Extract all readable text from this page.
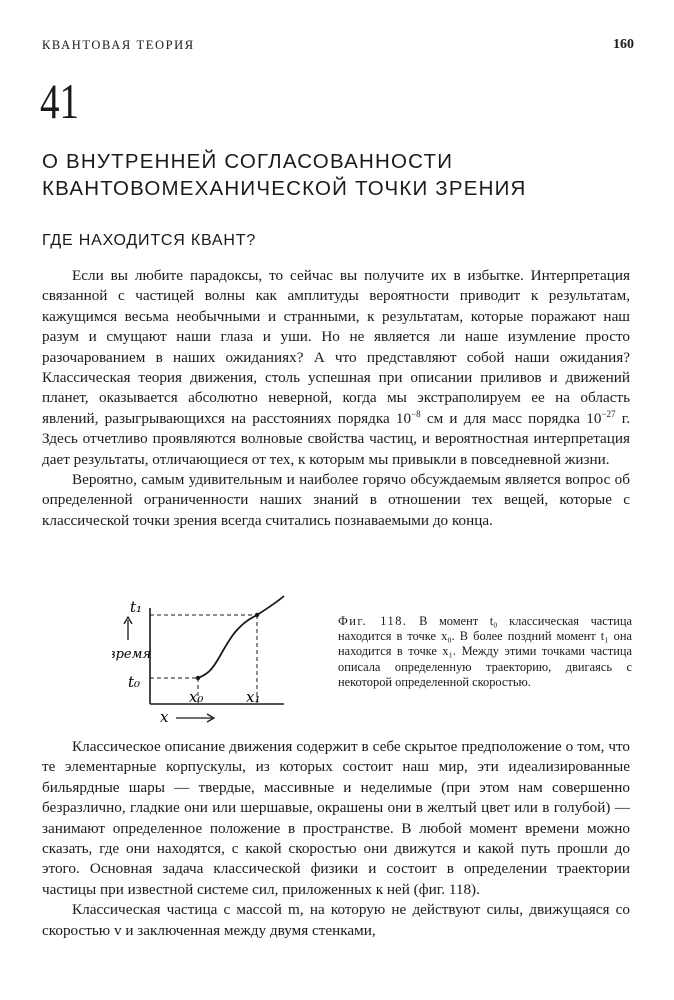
КВАНТОВАЯ ТЕОРИЯ	160
41
О ВНУТРЕННЕЙ СОГЛАСОВАННОСТИ
КВАНТОВОМЕХАНИЧЕСКОЙ ТОЧКИ ЗРЕНИЯ
ГДЕ НАХОДИТСЯ КВАНТ?

Если вы любите парадоксы, то сейчас вы получите их в избытке. Интерпретация связанной с частицей волны как амплитуды вероятности приводит к результатам, кажущимся весьма необычными и странными, к результатам, которые поражают наш разум и смущают наши глаза и уши. Но не является ли наше изумление просто разочарованием в наших ожиданиях? А что представляют собой наши ожидания? Классическая теория движения, столь успешная при описании приливов и движений планет, оказывается абсолютно неверной, когда мы экстраполируем ее на область явлений, разыгрывающихся на расстояниях порядка $10^{-8}$ см и для масс порядка $10^{-27}$ г. Здесь отчетливо проявляются волновые свойства частиц, и вероятностная интерпретация дает результаты, отличающиеся от тех, к которым мы привыкли в повседневной жизни.

Вероятно, самым удивительным и наиболее горячо обсуждаемым является вопрос об определенной ограниченности наших знаний в отношении тех вещей, которые с классической точки зрения всегда считались познаваемыми до конца.

t₁
t₀
x₀	x₁
время
x
Фиг. 118. В момент t₀ классическая частица находится в точке x₀. В более поздний момент t₁ она находится в точке x₁. Между этими точками частица описала определенную траекторию, двигаясь с некоторой определенной скоростью.

Классическое описание движения содержит в себе скрытое предположение о том, что те элементарные корпускулы, из которых состоит наш мир, эти идеализированные бильярдные шары — твердые, массивные и неделимые (при этом нам совершенно безразлично, гладкие они или шершавые, окрашены они в желтый цвет или в голубой) — занимают определенное положение в пространстве. В любой момент времени можно сказать, где они находятся, с какой скоростью они движутся и какой путь прошли до этого. Основная задача классической физики и состоит в определении траектории частицы при известной системе сил, приложенных к ней (фиг. 118).

Классическая частица с массой m, на которую не действуют силы, движущаяся со скоростью v и заключенная между двумя стенками,
